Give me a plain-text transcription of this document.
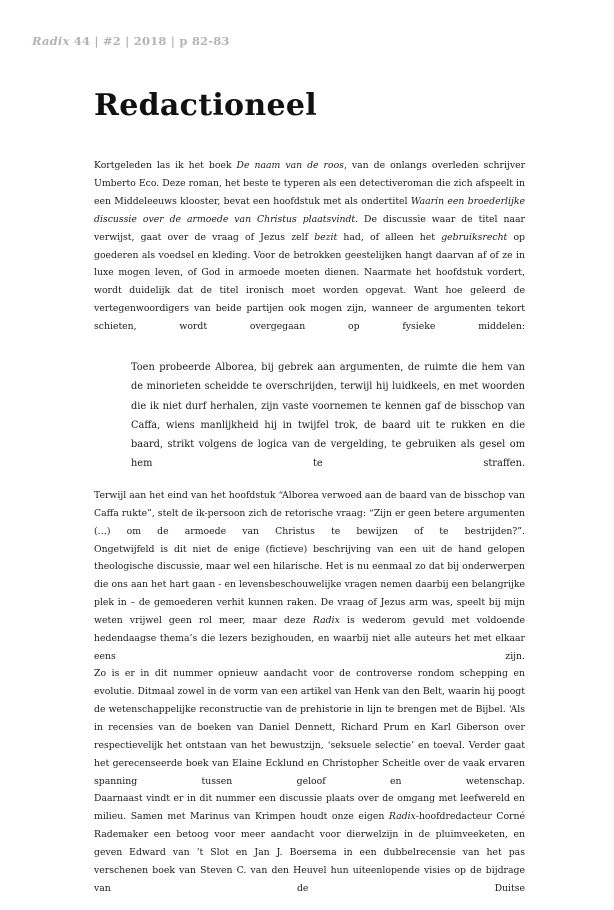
Radix 44 | #2 | 2018 | p 82-83
Redactioneel

Kortgeleden las ik het boek De naam van de roos, van de onlangs overleden schrijver Umberto Eco. Deze roman, het beste te typeren als een detectiveroman die zich afspeelt in een Middeleeuws klooster, bevat een hoofdstuk met als ondertitel Waarin een broederlijke discussie over de armoede van Christus plaatsvindt. De discussie waar de titel naar verwijst, gaat over de vraag of Jezus zelf bezit had, of alleen het gebruiksrecht op goederen als voedsel en kleding. Voor de betrokken geestelijken hangt daarvan af of ze in luxe mogen leven, of God in armoede moeten dienen. Naarmate het hoofdstuk vordert, wordt duidelijk dat de titel ironisch moet worden opgevat. Want hoe geleerd de vertegenwoordigers van beide partijen ook mogen zijn, wanneer de argumenten tekort schieten, wordt overgegaan op fysieke middelen:

Toen probeerde Alborea, bij gebrek aan argumenten, de ruimte die hem van de minorieten scheidde te overschrijden, terwijl hij luidkeels, en met woorden die ik niet durf herhalen, zijn vaste voornemen te kennen gaf de bisschop van Caffa, wiens manlijkheid hij in twijfel trok, de baard uit te rukken en die baard, strikt volgens de logica van de vergelding, te gebruiken als gesel om hem te straffen.

Terwijl aan het eind van het hoofdstuk “Alborea verwoed aan de baard van de bisschop van Caffa rukte”, stelt de ik-persoon zich de retorische vraag: “Zijn er geen betere argumenten (…) om de armoede van Christus te bewijzen of te bestrijden?”.

Ongetwijfeld is dit niet de enige (fictieve) beschrijving van een uit de hand gelopen theologische discussie, maar wel een hilarische. Het is nu eenmaal zo dat bij onderwerpen die ons aan het hart gaan - en levensbeschouwelijke vragen nemen daarbij een belangrijke plek in – de gemoederen verhit kunnen raken. De vraag of Jezus arm was, speelt bij mijn weten vrijwel geen rol meer, maar deze Radix is wederom gevuld met voldoende hedendaagse thema’s die lezers bezighouden, en waarbij niet alle auteurs het met elkaar eens zijn.

Zo is er in dit nummer opnieuw aandacht voor de controverse rondom schepping en evolutie. Ditmaal zowel in de vorm van een artikel van Henk van den Belt, waarin hij poogt de wetenschappelijke reconstructie van de prehistorie in lijn te brengen met de Bijbel. ‘Als in recensies van de boeken van Daniel Dennett, Richard Prum en Karl Giberson over respectievelijk het ontstaan van het bewustzijn, ‘seksuele selectie’ en toeval. Verder gaat het gerecenseerde boek van Elaine Ecklund en Christopher Scheitle over de vaak ervaren spanning tussen geloof en wetenschap.

Daarnaast vindt er in dit nummer een discussie plaats over de omgang met leefwereld en milieu. Samen met Marinus van Krimpen houdt onze eigen Radix-hoofdredacteur Corné Rademaker een betoog voor meer aandacht voor dierwelzijn in de pluimveeketen, en geven Edward van ’t Slot en Jan J. Boersema in een dubbelrecensie van het pas verschenen boek van Steven C. van den Heuvel hun uiteenlopende visies op de bijdrage van de Duitse
